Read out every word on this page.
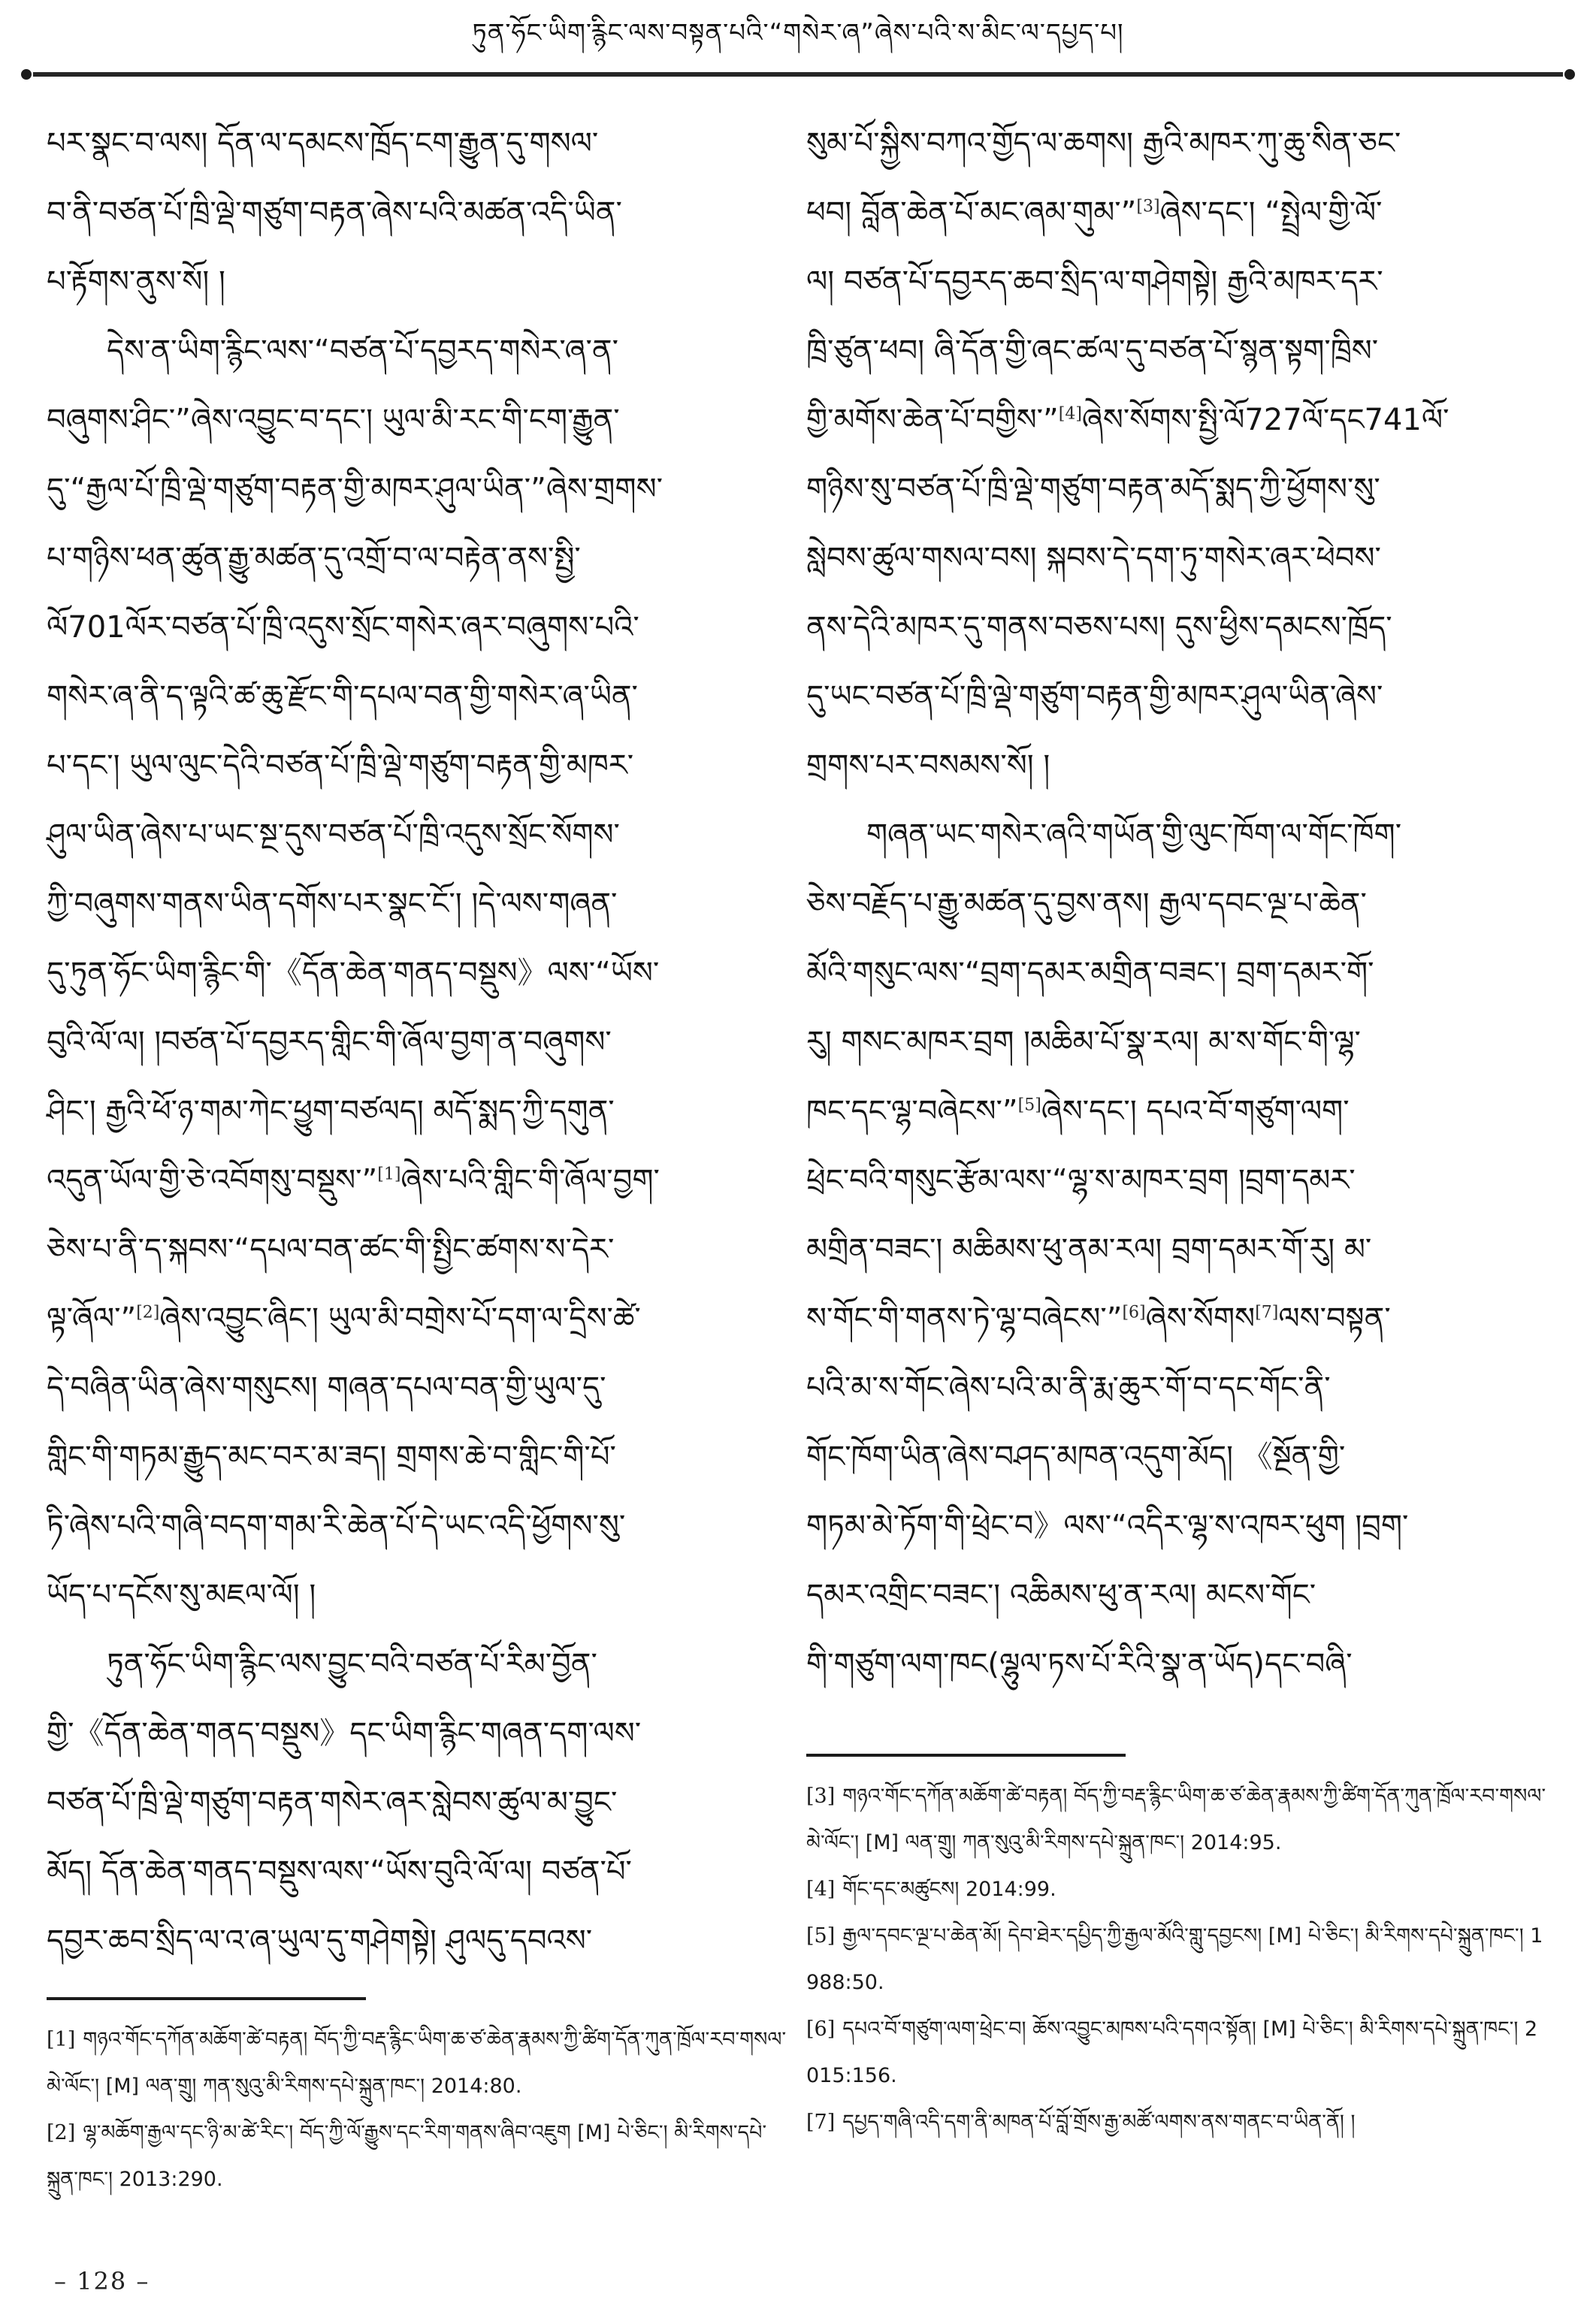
ཏུན་ཧོང་ཡིག་རྙིང་ལས་བསྟན་པའི་“གསེར་ཞ”ཞེས་པའི་ས་མིང་ལ་དཔྱད་པ།
པར་སྣང་བ་ལས། དོན་ལ་དམངས་ཁྲོད་ངག་རྒྱུན་དུ་གསལ་
བ་ནི་བཙན་པོ་ཁྲི་ལྡེ་གཙུག་བརྟན་ཞེས་པའི་མཚན་འདི་ཡིན་
པ་རྟོགས་ནུས་སོ། །
དེས་ན་ཡིག་རྙིང་ལས་“བཙན་པོ་དབྱརད་གསེར་ཞ་ན་
བཞུགས་ཤིང་”ཞེས་འབྱུང་བ་དང་། ཡུལ་མི་རང་གི་ངག་རྒྱུན་
དུ་“རྒྱལ་པོ་ཁྲི་ལྡེ་གཙུག་བརྟན་གྱི་མཁར་ཤུལ་ཡིན་”ཞེས་གྲགས་
པ་གཉིས་ཕན་ཚུན་རྒྱུ་མཚན་དུ་འགྲོ་བ་ལ་བརྟེན་ནས་སྤྱི་
ལོ701ལོར་བཙན་པོ་ཁྲི་འདུས་སྲོང་གསེར་ཞར་བཞུགས་པའི་
གསེར་ཞ་ནི་ད་ལྟའི་ཚ་ཆུ་རྫོང་གི་དཔལ་བན་གྱི་གསེར་ཞ་ཡིན་
པ་དང་། ཡུལ་ལུང་དེའི་བཙན་པོ་ཁྲི་ལྡེ་གཙུག་བརྟན་གྱི་མཁར་
ཤུལ་ཡིན་ཞེས་པ་ཡང་སྔ་དུས་བཙན་པོ་ཁྲི་འདུས་སྲོང་སོགས་
ཀྱི་བཞུགས་གནས་ཡིན་དགོས་པར་སྣང་ངོ་། །དེ་ལས་གཞན་
དུ་ཏུན་ཧོང་ཡིག་རྙིང་གི་《དོན་ཆེན་གནད་བསྡུས》ལས་“ཡོས་
བུའི་ལོ་ལ། །བཙན་པོ་དབྱརད་གླིང་གི་ཞོལ་བྱག་ན་བཞུགས་
ཤིང་། རྒྱའི་ཕོ་ཉ་གམ་ཀེང་ཕྱུག་བཙལད། མདོ་སྨད་ཀྱི་དགུན་
འདུན་ཡོལ་གྱི་ཅེ་འབོགསུ་བསྡུས་”[1]ཞེས་པའི་གླིང་གི་ཞོལ་བྱག་
ཅེས་པ་ནི་ད་སྐབས་“དཔལ་བན་ཚང་གི་སྤྱིང་ཚགས་ས་དེར་
ལྟ་ཞོལ་”[2]ཞེས་འབྱུང་ཞིང་། ཡུལ་མི་བགྲེས་པོ་དག་ལ་དྲིས་ཚེ་
དེ་བཞིན་ཡིན་ཞེས་གསུངས། གཞན་དཔལ་བན་གྱི་ཡུལ་དུ་
གླིང་གི་གཏམ་རྒྱུད་མང་བར་མ་ཟད། གྲགས་ཆེ་བ་གླིང་གི་པོ་
ཏི་ཞེས་པའི་གཞི་བདག་གམ་རི་ཆེན་པོ་དེ་ཡང་འདི་ཕྱོགས་སུ་
ཡོད་པ་དངོས་སུ་མཇལ་ལོ། །
ཏུན་ཧོང་ཡིག་རྙིང་ལས་བྱུང་བའི་བཙན་པོ་རིམ་བྱོན་
གྱི་《དོན་ཆེན་གནད་བསྡུས》དང་ཡིག་རྙིང་གཞན་དག་ལས་
བཙན་པོ་ཁྲི་ལྡེ་གཙུག་བརྟན་གསེར་ཞར་སླེབས་ཚུལ་མ་བྱུང་
མོད། དོན་ཆེན་གནད་བསྡུས་ལས་“ཡོས་བུའི་ལོ་ལ། བཙན་པོ་
དབྱར་ཆབ་སྲིད་ལ་འ་ཞ་ཡུལ་དུ་གཤེགསྟེ། ཤུལདུ་དབའས་
[1] གཉའ་གོང་དཀོན་མཆོག་ཚེ་བརྟན། བོད་ཀྱི་བརྡ་རྙིང་ཡིག་ཆ་ཙ་ཆེན་རྣམས་ཀྱི་ཚིག་དོན་ཀུན་ཁྲོལ་རབ་གསལ་མེ་ལོང་། [M] ལན་གྲུ། ཀན་སུའུ་མི་རིགས་དཔེ་སྐྲུན་ཁང་། 2014:80.
[2] ལྷ་མཆོག་རྒྱལ་དང་ཉི་མ་ཚེ་རིང་། བོད་ཀྱི་ལོ་རྒྱུས་དང་རིག་གནས་ཞིབ་འཇུག [M] པེ་ཅིང་། མི་རིགས་དཔེ་སྐྲུན་ཁང་། 2013:290.
སུམ་པོ་སྐྱིས་བཀའ་གྱོད་ལ་ཆགས། རྒྱའི་མཁར་ཀུ་ཆུ་སིན་ཅང་
ཕབ། བློན་ཆེན་པོ་མང་ཞམ་གུམ་”[3]ཞེས་དང་། “སྤྲེལ་གྱི་ལོ་
ལ། བཙན་པོ་དབྱརད་ཆབ་སྲིད་ལ་གཤེགསྟེ། རྒྱའི་མཁར་དར་
ཁྲི་ཙུན་ཕབ། ཞི་དོན་གྱི་ཞང་ཚལ་དུ་བཙན་པོ་སྙན་སྟག་ཁྲིས་
གྱི་མགོས་ཆེན་པོ་བགྱིས་”[4]ཞེས་སོགས་སྤྱི་ལོ727ལོ་དང741ལོ་
གཉིས་སུ་བཙན་པོ་ཁྲི་ལྡེ་གཙུག་བརྟན་མདོ་སྨད་ཀྱི་ཕྱོགས་སུ་
སླེབས་ཚུལ་གསལ་བས། སྐབས་དེ་དག་ཏུ་གསེར་ཞར་ཕེབས་
ནས་དེའི་མཁར་དུ་གནས་བཅས་པས། དུས་ཕྱིས་དམངས་ཁྲོད་
དུ་ཡང་བཙན་པོ་ཁྲི་ལྡེ་གཙུག་བརྟན་གྱི་མཁར་ཤུལ་ཡིན་ཞེས་
གྲགས་པར་བསམས་སོ། །
གཞན་ཡང་གསེར་ཞའི་གཡོན་གྱི་ལུང་ཁོག་ལ་གོང་ཁོག་
ཅེས་བརྗོད་པ་རྒྱུ་མཚན་དུ་བྱས་ནས། རྒྱལ་དབང་ལྔ་པ་ཆེན་
མོའི་གསུང་ལས་“བྲག་དམར་མགྲིན་བཟང་། བྲག་དམར་གོ་
རུ། གསང་མཁར་བྲག །མཆིམ་པོ་སྣ་རལ། མ་ས་གོང་གི་ལྷ་
ཁང་དང་ལྷ་བཞེངས་”[5]ཞེས་དང་། དཔའ་བོ་གཙུག་ལག་
ཕྲེང་བའི་གསུང་རྩོམ་ལས་“ལྷ་ས་མཁར་བྲག །བྲག་དམར་
མགྲིན་བཟང་། མཆིམས་ཕུ་ནམ་རལ། བྲག་དམར་གོ་རུ། མ་
ས་གོང་གི་གནས་ཏེ་ལྷ་བཞེངས་”[6]ཞེས་སོགས[7]ལས་བསྟན་
པའི་མ་ས་གོང་ཞེས་པའི་མ་ནི་རྨ་ཆུར་གོ་བ་དང་གོང་ནི་
གོང་ཁོག་ཡིན་ཞེས་བཤད་མཁན་འདུག་མོད། 《སྔོན་གྱི་
གཏམ་མེ་ཏོག་གི་ཕྲེང་བ》ལས་“འདིར་ལྷ་ས་འཁར་ཕུག །བྲག་
དམར་འགྲིང་བཟང་། འཆིམས་ཕུ་ན་རལ། མངས་གོང་
གི་གཙུག་ལག་ཁང(ལྷུལ་ཏས་པོ་རིའི་སྣ་ན་ཡོད)དང་བཞི་
[3] གཉའ་གོང་དཀོན་མཆོག་ཚེ་བརྟན། བོད་ཀྱི་བརྡ་རྙིང་ཡིག་ཆ་ཙ་ཆེན་རྣམས་ཀྱི་ཚིག་དོན་ཀུན་ཁྲོལ་རབ་གསལ་མེ་ལོང་། [M] ལན་གྲུ། ཀན་སུའུ་མི་རིགས་དཔེ་སྐྲུན་ཁང་། 2014:95.
[4] གོང་དང་མཚུངས། 2014:99.
[5] རྒྱལ་དབང་ལྔ་པ་ཆེན་མོ། དེབ་ཐེར་དཔྱིད་ཀྱི་རྒྱལ་མོའི་གླུ་དབྱངས། [M] པེ་ཅིང་། མི་རིགས་དཔེ་སྐྲུན་ཁང་། 1988:50.
[6] དཔའ་བོ་གཙུག་ལག་ཕྲེང་བ། ཆོས་འབྱུང་མཁས་པའི་དགའ་སྟོན། [M] པེ་ཅིང་། མི་རིགས་དཔེ་སྐྲུན་ཁང་། 2015:156.
[7] དཔྱད་གཞི་འདི་དག་ནི་མཁན་པོ་བློ་གྲོས་རྒྱ་མཚོ་ལགས་ནས་གནང་བ་ཡིན་ནོ། །
– 128 –
